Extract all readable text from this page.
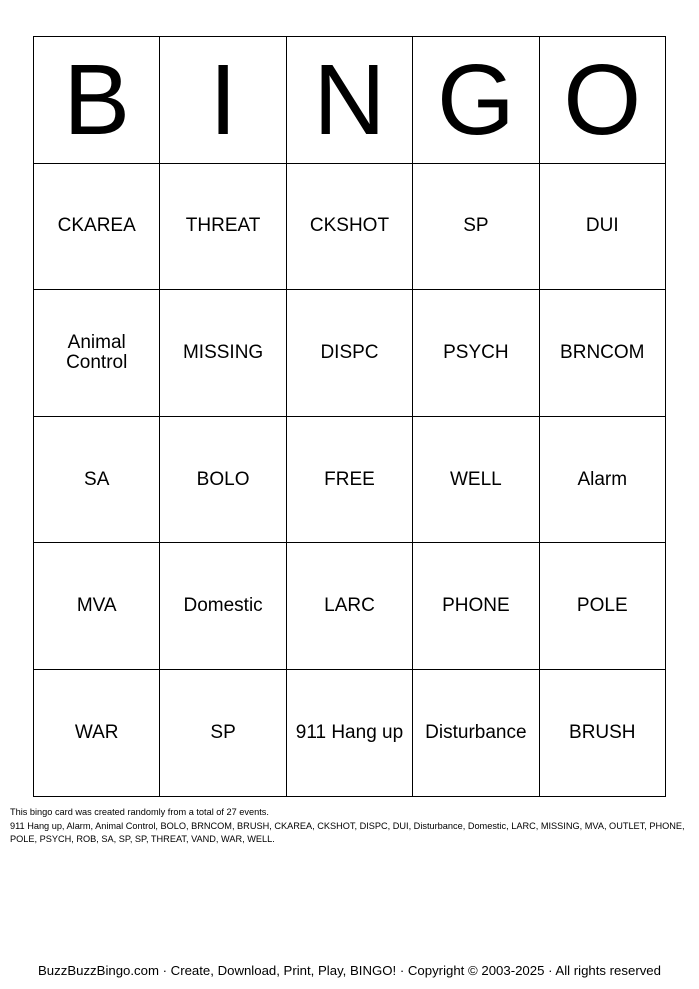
B	I	N	G	O
CKAREA	THREAT	CKSHOT	SP	DUI
Animal Control	MISSING	DISPC	PSYCH	BRNCOM
SA	BOLO	FREE	WELL	Alarm
MVA	Domestic	LARC	PHONE	POLE
WAR	SP	911 Hang up	Disturbance	BRUSH

This bingo card was created randomly from a total of 27 events.

911 Hang up, Alarm, Animal Control, BOLO, BRNCOM, BRUSH, CKAREA, CKSHOT, DISPC, DUI, Disturbance, Domestic, LARC, MISSING, MVA, OUTLET, PHONE, POLE, PSYCH, ROB, SA, SP, SP, THREAT, VAND, WAR, WELL.

BuzzBuzzBingo.com · Create, Download, Print, Play, BINGO! · Copyright © 2003-2025 · All rights reserved
